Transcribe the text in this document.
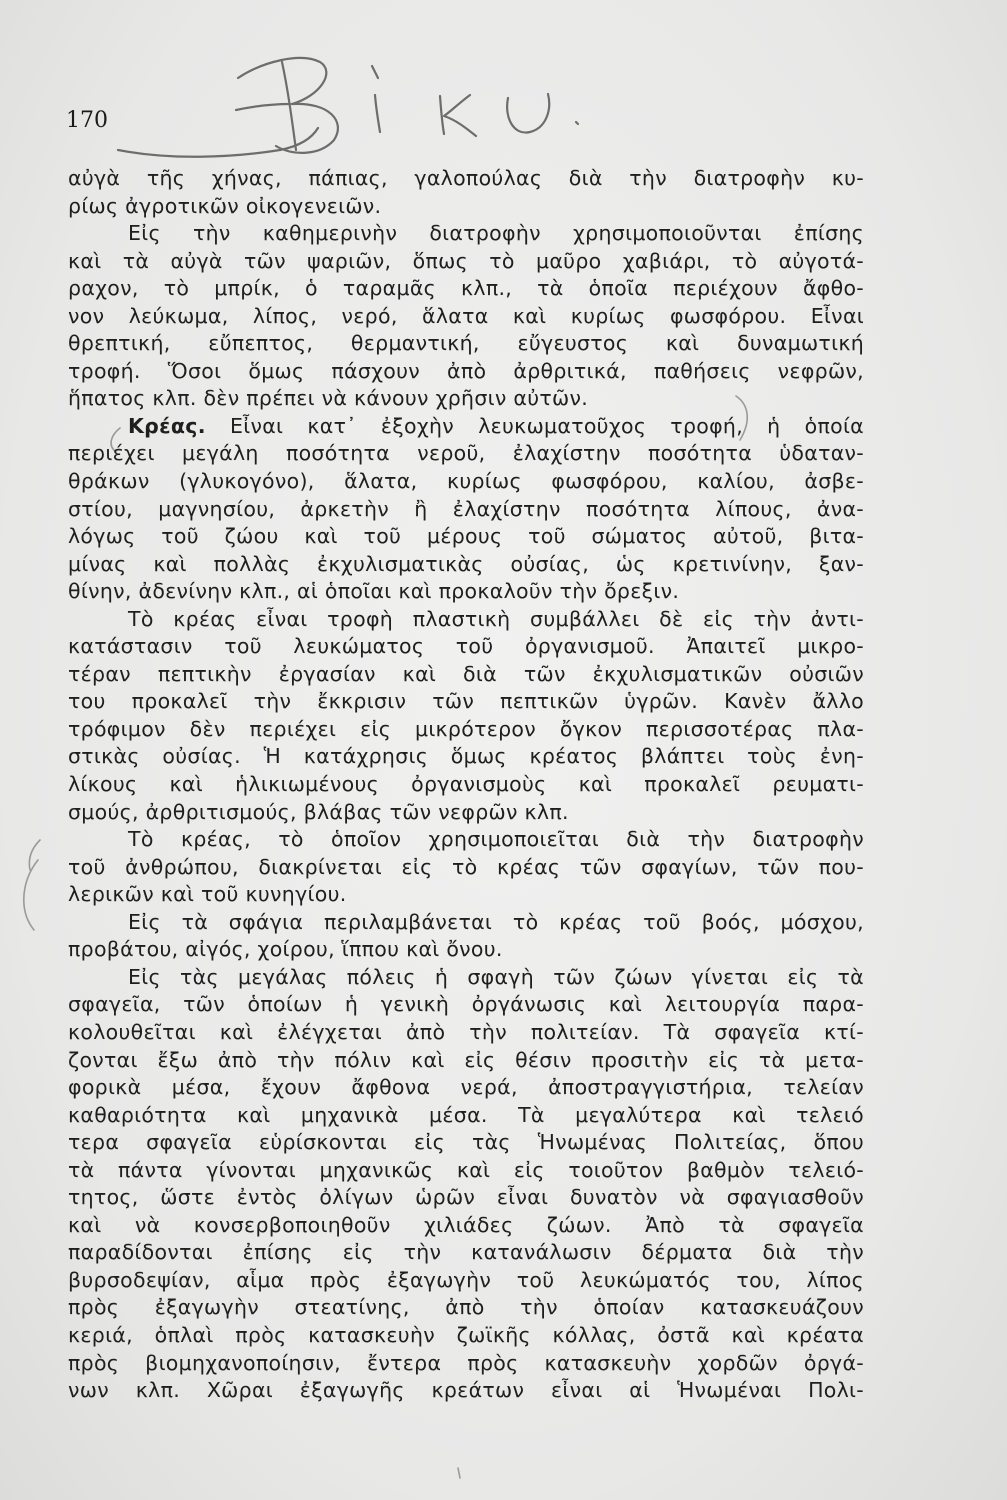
170
αὐγὰ τῆς χήνας, πάπιας, γαλοπούλας διὰ τὴν διατροφὴν κυ-
ρίως ἀγροτικῶν οἰκογενειῶν.
Εἰς τὴν καθημερινὴν διατροφὴν χρησιμοποιοῦνται ἐπίσης
καὶ τὰ αὐγὰ τῶν ψαριῶν, ὅπως τὸ μαῦρο χαβιάρι, τὸ αὐγοτά-
ραχον, τὸ μπρίκ, ὁ ταραμᾶς κλπ., τὰ ὁποῖα περιέχουν ἄφθο-
νον λεύκωμα, λίπος, νερό, ἅλατα καὶ κυρίως φωσφόρου. Εἶναι
θρεπτική, εὔπεπτος, θερμαντική, εὔγευστος καὶ δυναμωτική
τροφή. Ὅσοι ὅμως πάσχουν ἀπὸ ἀρθριτικά, παθήσεις νεφρῶν,
ἥπατος κλπ. δὲν πρέπει νὰ κάνουν χρῆσιν αὐτῶν.
Κρέας. Εἶναι κατ᾽ ἐξοχὴν λευκωματοῦχος τροφή, ἡ ὁποία
περιέχει μεγάλη ποσότητα νεροῦ, ἐλαχίστην ποσότητα ὑδαταν-
θράκων (γλυκογόνο), ἅλατα, κυρίως φωσφόρου, καλίου, ἀσβε-
στίου, μαγνησίου, ἀρκετὴν ἢ ἐλαχίστην ποσότητα λίπους, ἀνα-
λόγως τοῦ ζώου καὶ τοῦ μέρους τοῦ σώματος αὐτοῦ, βιτα-
μίνας καὶ πολλὰς ἐκχυλισματικὰς οὐσίας, ὡς κρετινίνην, ξαν-
θίνην, ἀδενίνην κλπ., αἱ ὁποῖαι καὶ προκαλοῦν τὴν ὄρεξιν.
Τὸ κρέας εἶναι τροφὴ πλαστικὴ συμβάλλει δὲ εἰς τὴν ἀντι-
κατάστασιν τοῦ λευκώματος τοῦ ὀργανισμοῦ. Ἀπαιτεῖ μικρο-
τέραν πεπτικὴν ἐργασίαν καὶ διὰ τῶν ἐκχυλισματικῶν οὐσιῶν
του προκαλεῖ τὴν ἔκκρισιν τῶν πεπτικῶν ὑγρῶν. Κανὲν ἄλλο
τρόφιμον δὲν περιέχει εἰς μικρότερον ὄγκον περισσοτέρας πλα-
στικὰς οὐσίας. Ἡ κατάχρησις ὅμως κρέατος βλάπτει τοὺς ἐνη-
λίκους καὶ ἡλικιωμένους ὀργανισμοὺς καὶ προκαλεῖ ρευματι-
σμούς, ἀρθριτισμούς, βλάβας τῶν νεφρῶν κλπ.
Τὸ κρέας, τὸ ὁποῖον χρησιμοποιεῖται διὰ τὴν διατροφὴν
τοῦ ἀνθρώπου, διακρίνεται εἰς τὸ κρέας τῶν σφαγίων, τῶν που-
λερικῶν καὶ τοῦ κυνηγίου.
Εἰς τὰ σφάγια περιλαμβάνεται τὸ κρέας τοῦ βοός, μόσχου,
προβάτου, αἰγός, χοίρου, ἵππου καὶ ὄνου.
Εἰς τὰς μεγάλας πόλεις ἡ σφαγὴ τῶν ζώων γίνεται εἰς τὰ
σφαγεῖα, τῶν ὁποίων ἡ γενικὴ ὀργάνωσις καὶ λειτουργία παρα-
κολουθεῖται καὶ ἐλέγχεται ἀπὸ τὴν πολιτείαν. Τὰ σφαγεῖα κτί-
ζονται ἔξω ἀπὸ τὴν πόλιν καὶ εἰς θέσιν προσιτὴν εἰς τὰ μετα-
φορικὰ μέσα, ἔχουν ἄφθονα νερά, ἀποστραγγιστήρια, τελείαν
καθαριότητα καὶ μηχανικὰ μέσα. Τὰ μεγαλύτερα καὶ τελειό
τερα σφαγεῖα εὑρίσκονται εἰς τὰς Ἡνωμένας Πολιτείας, ὅπου
τὰ πάντα γίνονται μηχανικῶς καὶ εἰς τοιοῦτον βαθμὸν τελειό-
τητος, ὥστε ἐντὸς ὀλίγων ὡρῶν εἶναι δυνατὸν νὰ σφαγιασθοῦν
καὶ νὰ κονσερβοποιηθοῦν χιλιάδες ζώων. Ἀπὸ τὰ σφαγεῖα
παραδίδονται ἐπίσης εἰς τὴν κατανάλωσιν δέρματα διὰ τὴν
βυρσοδεψίαν, αἷμα πρὸς ἐξαγωγὴν τοῦ λευκώματός του, λίπος
πρὸς ἐξαγωγὴν στεατίνης, ἀπὸ τὴν ὁποίαν κατασκευάζουν
κεριά, ὁπλαὶ πρὸς κατασκευὴν ζωϊκῆς κόλλας, ὀστᾶ καὶ κρέατα
πρὸς βιομηχανοποίησιν, ἔντερα πρὸς κατασκευὴν χορδῶν ὀργά-
νων κλπ. Χῶραι ἐξαγωγῆς κρεάτων εἶναι αἱ Ἡνωμέναι Πολι-
